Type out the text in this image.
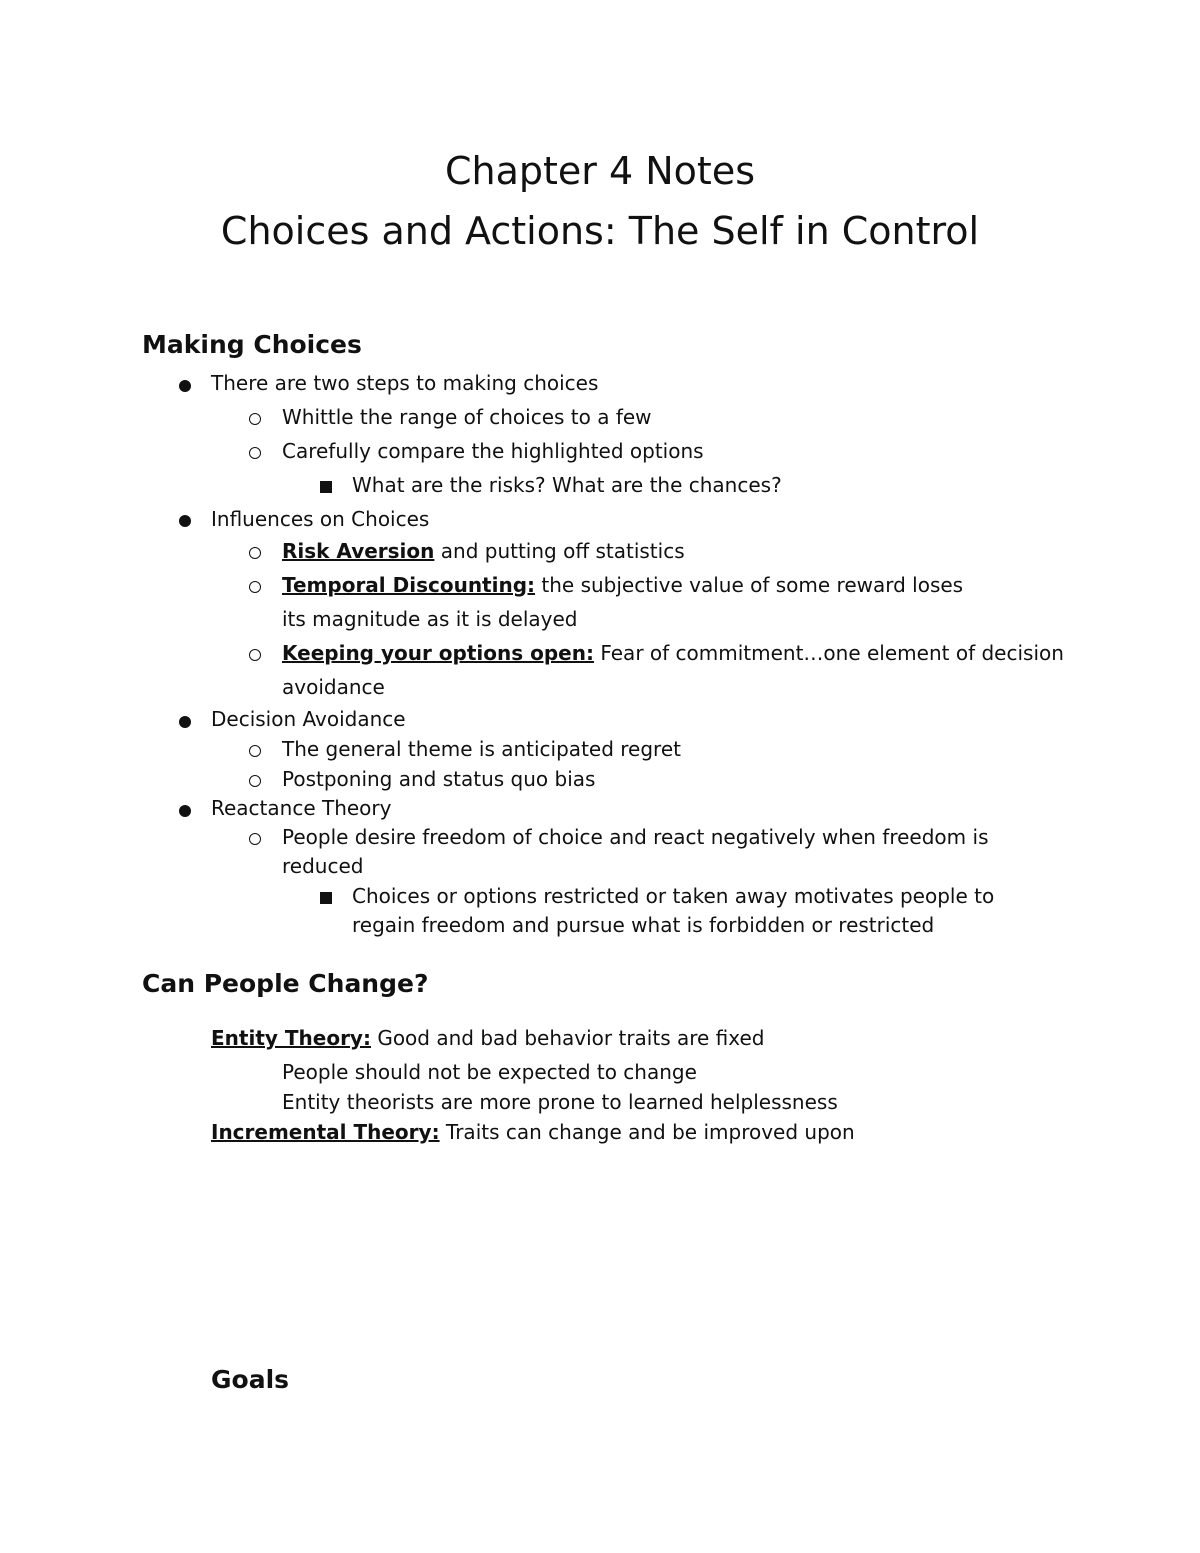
Chapter 4 Notes
Choices and Actions: The Self in Control
Making Choices
There are two steps to making choices
Whittle the range of choices to a few
Carefully compare the highlighted options
What are the risks? What are the chances?
Influences on Choices
Risk Aversion and putting off statistics
Temporal Discounting: the subjective value of some reward loses
its magnitude as it is delayed
Keeping your options open: Fear of commitment…one element of decision
avoidance
Decision Avoidance
The general theme is anticipated regret
Postponing and status quo bias
Reactance Theory
People desire freedom of choice and react negatively when freedom is
reduced
Choices or options restricted or taken away motivates people to
regain freedom and pursue what is forbidden or restricted
Can People Change?
Entity Theory: Good and bad behavior traits are fixed
People should not be expected to change
Entity theorists are more prone to learned helplessness
Incremental Theory: Traits can change and be improved upon
Goals
